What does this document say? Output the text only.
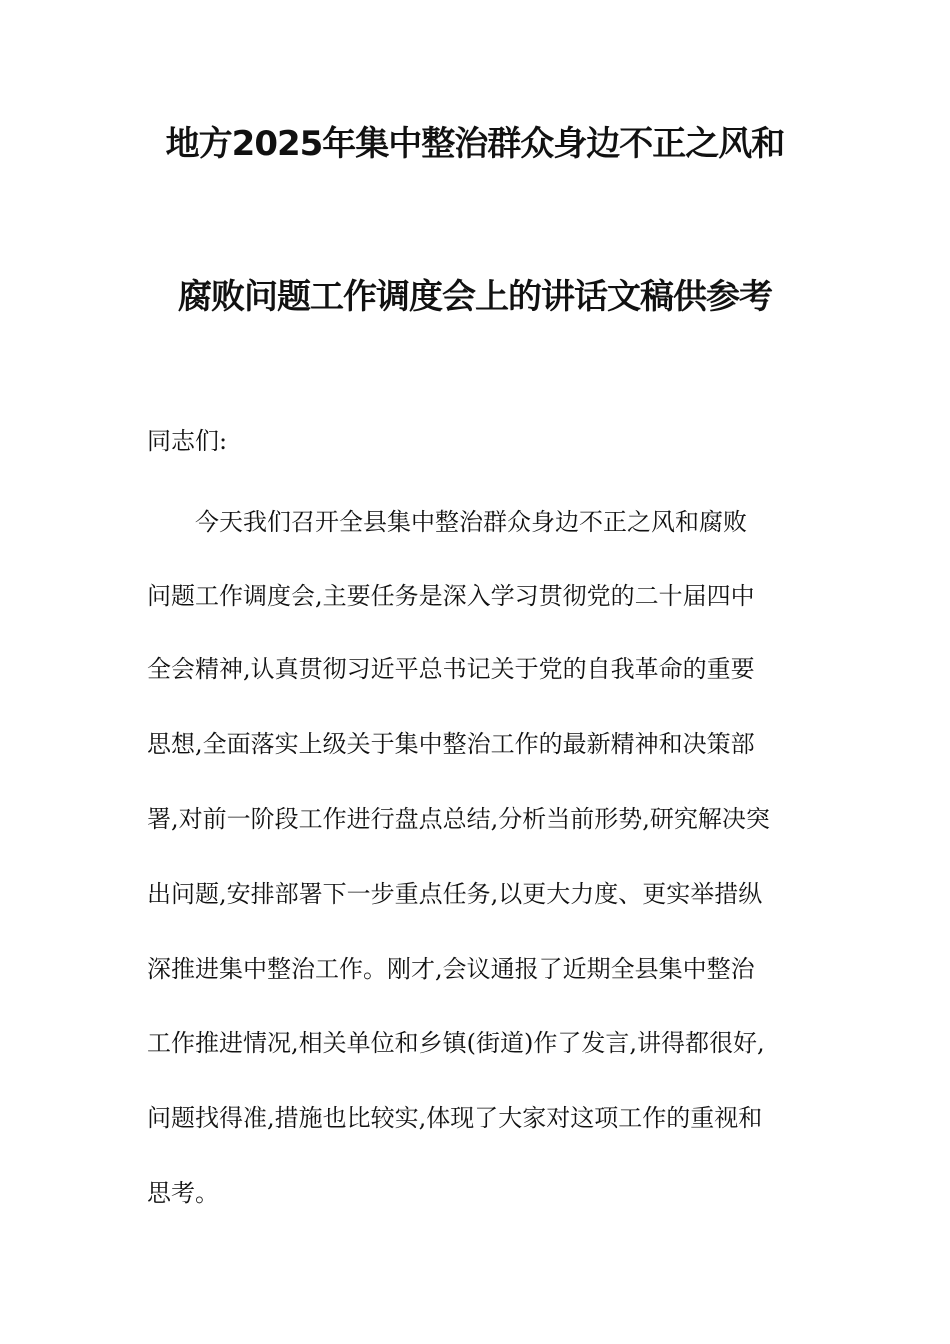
地方2025年集中整治群众身边不正之风和
腐败问题工作调度会上的讲话文稿供参考
同志们:
今天我们召开全县集中整治群众身边不正之风和腐败
问题工作调度会,主要任务是深入学习贯彻党的二十届四中
全会精神,认真贯彻习近平总书记关于党的自我革命的重要
思想,全面落实上级关于集中整治工作的最新精神和决策部
署,对前一阶段工作进行盘点总结,分析当前形势,研究解决突
出问题,安排部署下一步重点任务,以更大力度、更实举措纵
深推进集中整治工作。刚才,会议通报了近期全县集中整治
工作推进情况,相关单位和乡镇(街道)作了发言,讲得都很好,
问题找得准,措施也比较实,体现了大家对这项工作的重视和
思考。
